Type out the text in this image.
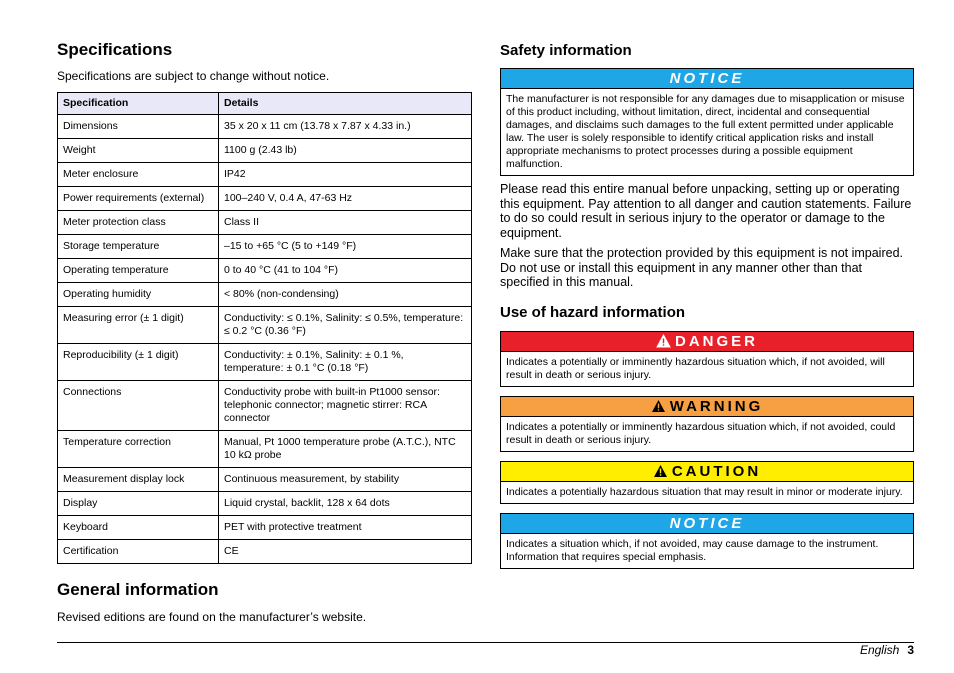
Specifications

Specifications are subject to change without notice.

Specification	Details
Dimensions	35 x 20 x 11 cm (13.78 x 7.87 x 4.33 in.)
Weight	1100 g (2.43 lb)
Meter enclosure	IP42
Power requirements (external)	100–240 V, 0.4 A, 47-63 Hz
Meter protection class	Class II
Storage temperature	–15 to +65 °C (5 to +149 °F)
Operating temperature	0 to 40 °C (41 to 104 °F)
Operating humidity	< 80% (non-condensing)
Measuring error (± 1 digit)	Conductivity: ≤ 0.1%, Salinity: ≤ 0.5%, temperature: ≤ 0.2 °C (0.36 °F)
Reproducibility (± 1 digit)	Conductivity: ± 0.1%, Salinity: ± 0.1 %, temperature: ± 0.1 °C (0.18 °F)
Connections	Conductivity probe with built-in Pt1000 sensor: telephonic connector; magnetic stirrer: RCA connector
Temperature correction	Manual, Pt 1000 temperature probe (A.T.C.), NTC 10 kΩ probe
Measurement display lock	Continuous measurement, by stability
Display	Liquid crystal, backlit, 128 x 64 dots
Keyboard	PET with protective treatment
Certification	CE
General information

Revised editions are found on the manufacturer’s website.

Safety information
NOTICE
The manufacturer is not responsible for any damages due to misapplication or misuse of this product including, without limitation, direct, incidental and consequential damages, and disclaims such damages to the full extent permitted under applicable law. The user is solely responsible to identify critical application risks and install appropriate mechanisms to protect processes during a possible equipment malfunction.

Please read this entire manual before unpacking, setting up or operating this equipment. Pay attention to all danger and caution statements. Failure to do so could result in serious injury to the operator or damage to the equipment.

Make sure that the protection provided by this equipment is not impaired. Do not use or install this equipment in any manner other than that specified in this manual.

Use of hazard information
DANGER
Indicates a potentially or imminently hazardous situation which, if not avoided, will result in death or serious injury.
WARNING
Indicates a potentially or imminently hazardous situation which, if not avoided, could result in death or serious injury.
CAUTION
Indicates a potentially hazardous situation that may result in minor or moderate injury.
NOTICE
Indicates a situation which, if not avoided, may cause damage to the instrument. Information that requires special emphasis.
English 3
